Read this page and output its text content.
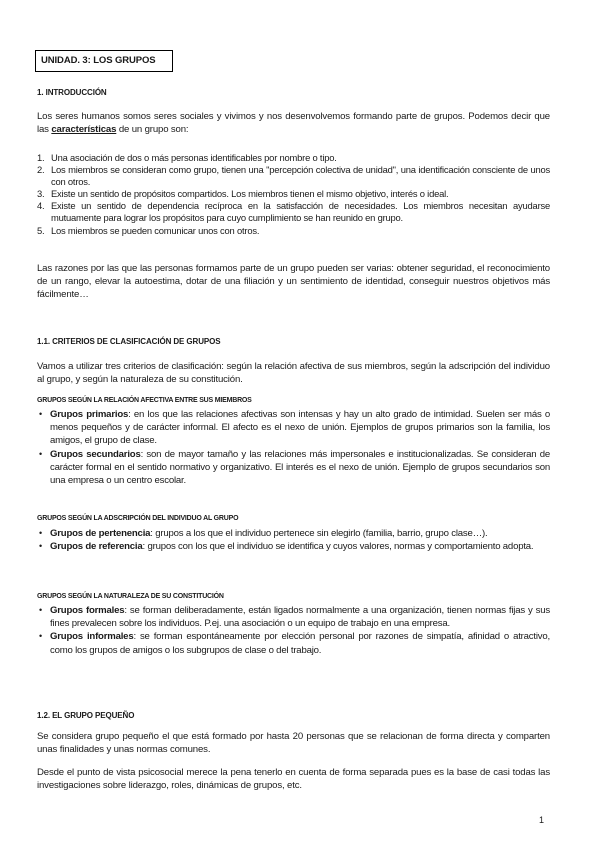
UNIDAD. 3: LOS GRUPOS
1. INTRODUCCIÓN
Los seres humanos somos seres sociales y vivimos y nos desenvolvemos formando parte de grupos. Podemos decir que las características de un grupo son:
1. Una asociación de dos o más personas identificables por nombre o tipo.
2. Los miembros se consideran como grupo, tienen una "percepción colectiva de unidad", una identificación consciente de unos con otros.
3. Existe un sentido de propósitos compartidos. Los miembros tienen el mismo objetivo, interés o ideal.
4. Existe un sentido de dependencia recíproca en la satisfacción de necesidades. Los miembros necesitan ayudarse mutuamente para lograr los propósitos para cuyo cumplimiento se han reunido en grupo.
5. Los miembros se pueden comunicar unos con otros.
Las razones por las que las personas formamos parte de un grupo pueden ser varias: obtener seguridad, el reconocimiento de un rango, elevar la autoestima, dotar de una filiación y un sentimiento de identidad, conseguir nuestros objetivos más fácilmente…
1.1. CRITERIOS DE CLASIFICACIÓN DE GRUPOS
Vamos a utilizar tres criterios de clasificación: según la relación afectiva de sus miembros, según la adscripción del individuo al grupo, y según la naturaleza de su constitución.
GRUPOS SEGÚN LA RELACIÓN AFECTIVA ENTRE SUS MIEMBROS
• Grupos primarios: en los que las relaciones afectivas son intensas y hay un alto grado de intimidad. Suelen ser más o menos pequeños y de carácter informal. El afecto es el nexo de unión. Ejemplos de grupos primarios son la familia, los amigos, el grupo de clase.
• Grupos secundarios: son de mayor tamaño y las relaciones más impersonales e institucionalizadas. Se consideran de carácter formal en el sentido normativo y organizativo. El interés es el nexo de unión. Ejemplo de grupos secundarios son una empresa o un centro escolar.
GRUPOS SEGÚN LA ADSCRIPCIÓN DEL INDIVIDUO AL GRUPO
• Grupos de pertenencia: grupos a los que el individuo pertenece sin elegirlo (familia, barrio, grupo clase…).
• Grupos de referencia: grupos con los que el individuo se identifica y cuyos valores, normas y comportamiento adopta.
GRUPOS SEGÚN LA NATURALEZA DE SU CONSTITUCIÓN
• Grupos formales: se forman deliberadamente, están ligados normalmente a una organización, tienen normas fijas y sus fines prevalecen sobre los individuos. P.ej. una asociación o un equipo de trabajo en una empresa.
• Grupos informales: se forman espontáneamente por elección personal por razones de simpatía, afinidad o atractivo, como los grupos de amigos o los subgrupos de clase o del trabajo.
1.2. EL GRUPO PEQUEÑO
Se considera grupo pequeño el que está formado por hasta 20 personas que se relacionan de forma directa y comparten unas finalidades y unas normas comunes.
Desde el punto de vista psicosocial merece la pena tenerlo en cuenta de forma separada pues es la base de casi todas las investigaciones sobre liderazgo, roles, dinámicas de grupos, etc.
1
